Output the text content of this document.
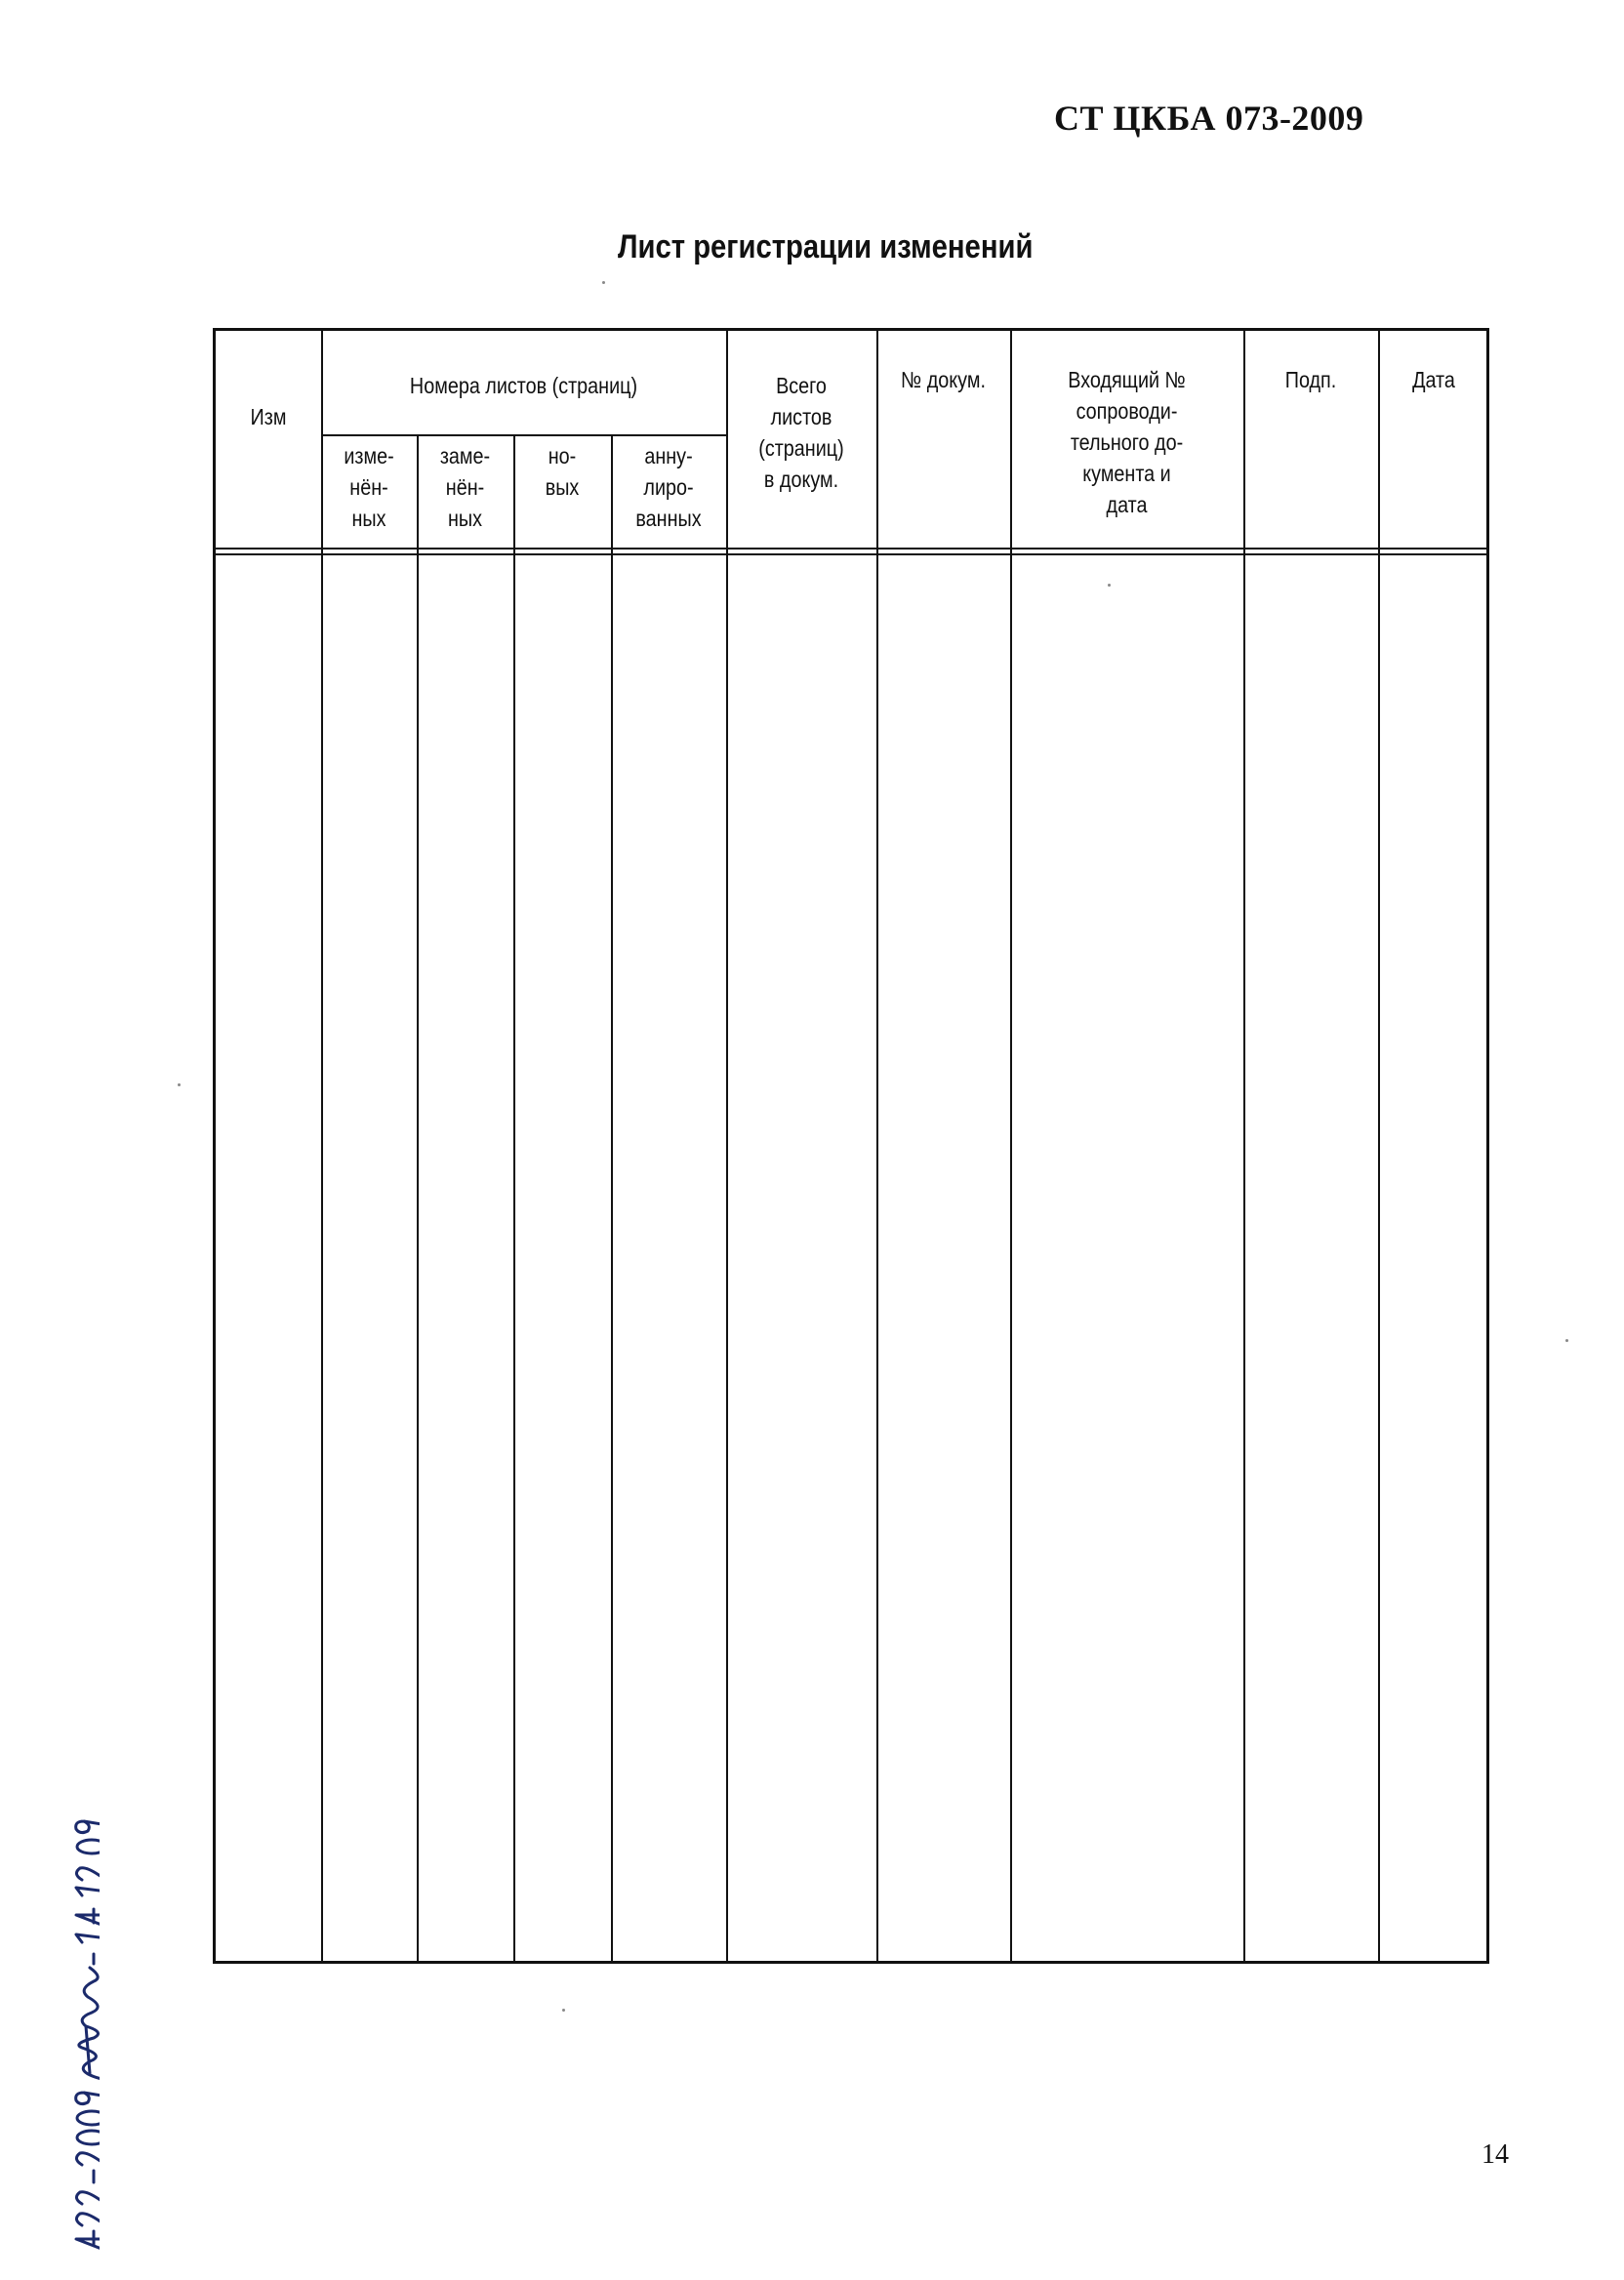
СТ ЦКБА 073-2009
Лист регистрации изменений
Изм
Номера листов (страниц)
изме-
нён-
ных
заме-
нён-
ных
но-
вых
анну-
лиро-
ванных
Всего
листов
(страниц)
в докум.
№ докум.	Входящий №
сопроводи-
тельного до-
кумента и
дата
Подп.	Дата
14
